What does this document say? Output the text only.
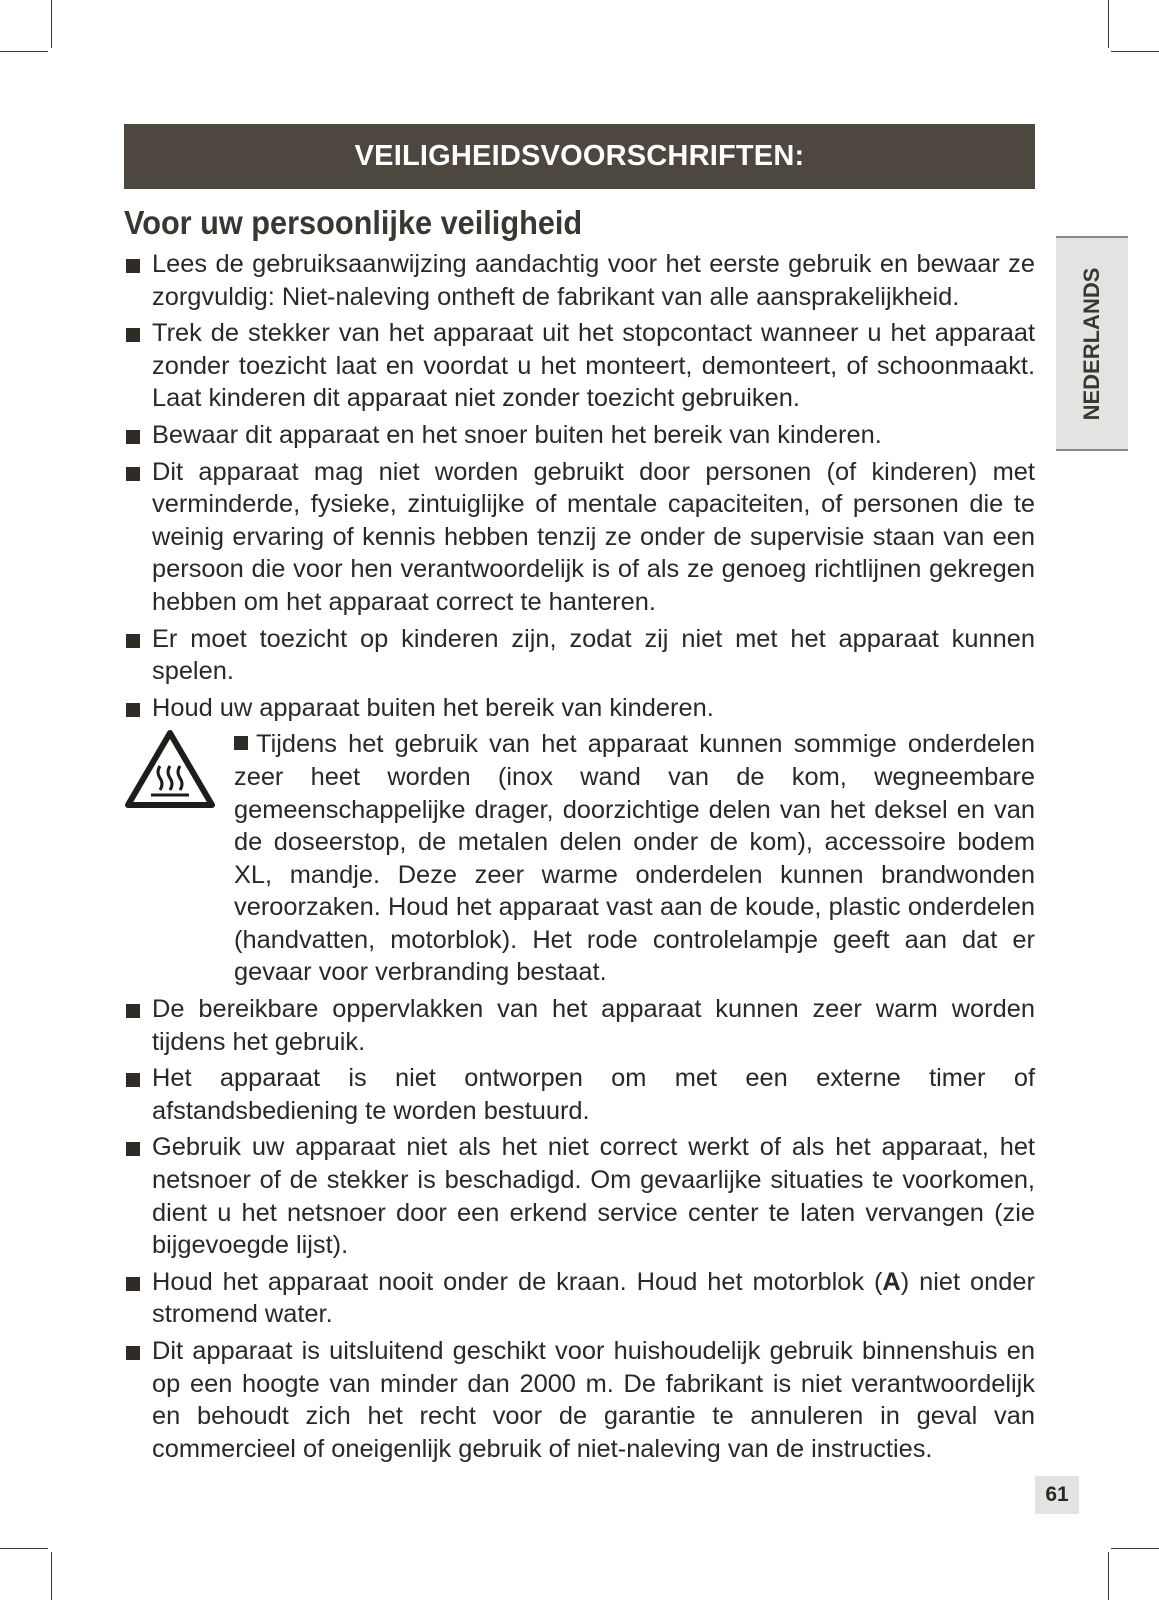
VEILIGHEIDSVOORSCHRIFTEN:
Voor uw persoonlijke veiligheid
NEDERLANDS
Lees de gebruiksaanwijzing aandachtig voor het eerste gebruik en bewaar ze zorgvuldig: Niet-naleving ontheft de fabrikant van alle aansprakelijkheid.
Trek de stekker van het apparaat uit het stopcontact wanneer u het apparaat zonder toezicht laat en voordat u het monteert, demonteert, of schoonmaakt. Laat kinderen dit apparaat niet zonder toezicht gebruiken.
Bewaar dit apparaat en het snoer buiten het bereik van kinderen.
Dit apparaat mag niet worden gebruikt door personen (of kinderen) met verminderde, fysieke, zintuiglijke of mentale capaciteiten, of personen die te weinig ervaring of kennis hebben tenzij ze onder de supervisie staan van een persoon die voor hen verantwoordelijk is of als ze genoeg richtlijnen gekregen hebben om het apparaat correct te hanteren.
Er moet toezicht op kinderen zijn, zodat zij niet met het apparaat kunnen spelen.
Houd uw apparaat buiten het bereik van kinderen.
Tijdens het gebruik van het apparaat kunnen sommige onderdelen zeer heet worden (inox wand van de kom, wegneembare gemeenschappelijke drager, doorzichtige delen van het deksel en van de doseerstop, de metalen delen onder de kom), accessoire bodem XL, mandje. Deze zeer warme onderdelen kunnen brandwonden veroorzaken. Houd het apparaat vast aan de koude, plastic onderdelen (handvatten, motorblok). Het rode controlelampje geeft aan dat er gevaar voor verbranding bestaat.
De bereikbare oppervlakken van het apparaat kunnen zeer warm worden tijdens het gebruik.
Het apparaat is niet ontworpen om met een externe timer of afstandsbediening te worden bestuurd.
Gebruik uw apparaat niet als het niet correct werkt of als het apparaat, het netsnoer of de stekker is beschadigd. Om gevaarlijke situaties te voorkomen, dient u het netsnoer door een erkend service center te laten vervangen (zie bijgevoegde lijst).
Houd het apparaat nooit onder de kraan. Houd het motorblok (A) niet onder stromend water.
Dit apparaat is uitsluitend geschikt voor huishoudelijk gebruik binnenshuis en op een hoogte van minder dan 2000 m. De fabrikant is niet verantwoordelijk en behoudt zich het recht voor de garantie te annuleren in geval van commercieel of oneigenlijk gebruik of niet-naleving van de instructies.
61
